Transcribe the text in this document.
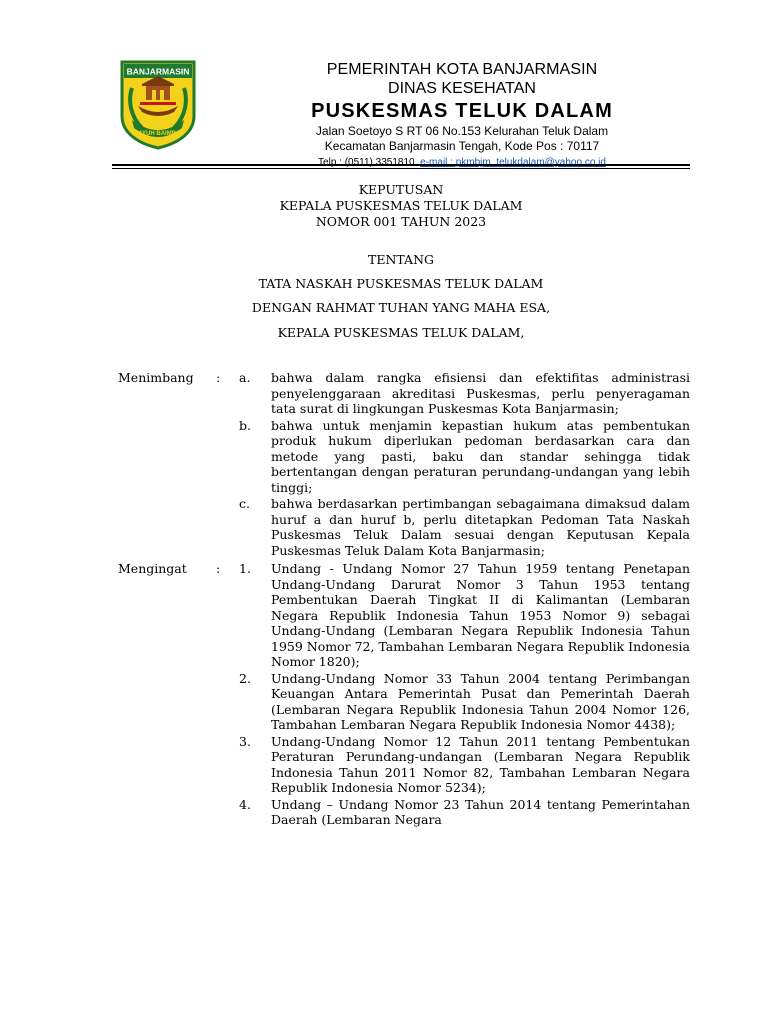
BANJARMASIN
KAYUH BAIMBAI
PEMERINTAH KOTA BANJARMASIN
DINAS KESEHATAN
PUSKESMAS TELUK DALAM
Jalan Soetoyo S RT 06 No.153 Kelurahan Teluk Dalam
Kecamatan Banjarmasin Tengah, Kode Pos : 70117
Telp : (0511) 3351810, e-mail : pkmbjm_telukdalam@yahoo.co.id
KEPUTUSAN
KEPALA PUSKESMAS TELUK DALAM
NOMOR 001 TAHUN 2023
TENTANG
TATA NASKAH PUSKESMAS TELUK DALAM
DENGAN RAHMAT TUHAN YANG MAHA ESA,
KEPALA PUSKESMAS TELUK DALAM,
Menimbang	: a. bahwa dalam rangka efisiensi dan efektifitas administrasi penyelenggaraan akreditasi Puskesmas, perlu penyeragaman tata surat di lingkungan Puskesmas Kota Banjarmasin;
b. bahwa untuk menjamin kepastian hukum atas pembentukan produk hukum diperlukan pedoman berdasarkan cara dan metode yang pasti, baku dan standar sehingga tidak bertentangan dengan peraturan perundang-undangan yang lebih tinggi;
c. bahwa berdasarkan pertimbangan sebagaimana dimaksud dalam huruf a dan huruf b, perlu ditetapkan Pedoman Tata Naskah Puskesmas Teluk Dalam sesuai dengan Keputusan Kepala Puskesmas Teluk Dalam Kota Banjarmasin;
Mengingat	: 1. Undang - Undang Nomor 27 Tahun 1959 tentang Penetapan Undang-Undang Darurat Nomor 3 Tahun 1953 tentang Pembentukan Daerah Tingkat II di Kalimantan (Lembaran Negara Republik Indonesia Tahun 1953 Nomor 9) sebagai Undang-Undang (Lembaran Negara Republik Indonesia Tahun 1959 Nomor 72, Tambahan Lembaran Negara Republik Indonesia Nomor 1820);
2. Undang-Undang Nomor 33 Tahun 2004 tentang Perimbangan Keuangan Antara Pemerintah Pusat dan Pemerintah Daerah (Lembaran Negara Republik Indonesia Tahun 2004 Nomor 126, Tambahan Lembaran Negara Republik Indonesia Nomor 4438);
3. Undang-Undang Nomor 12 Tahun 2011 tentang Pembentukan Peraturan Perundang-undangan (Lembaran Negara Republik Indonesia Tahun 2011 Nomor 82, Tambahan Lembaran Negara Republik Indonesia Nomor 5234);
4. Undang – Undang Nomor 23 Tahun 2014 tentang Pemerintahan Daerah (Lembaran Negara
